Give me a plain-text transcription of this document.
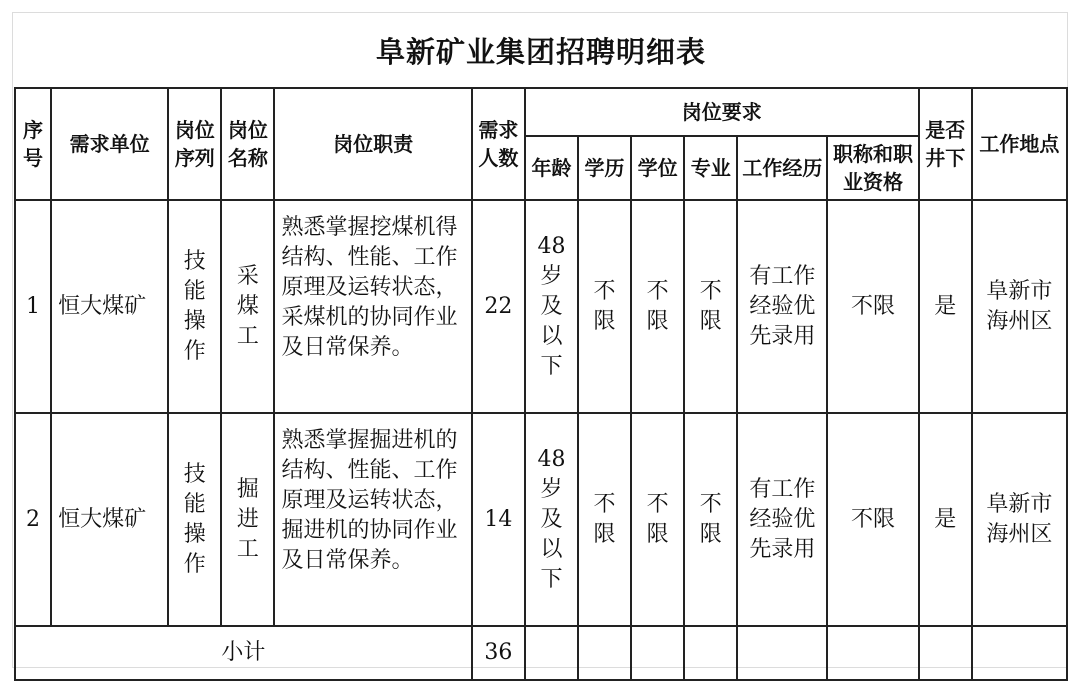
阜新矿业集团招聘明细表
序号	需求单位	岗位序列	岗位名称	岗位职责	需求人数	岗位要求						是否井下	工作地点
						年龄	学历	学位	专业	工作经历	职称和职业资格		
1	恒大煤矿	技能操作	采煤工	熟悉掌握挖煤机得结构、性能、工作原理及运转状态，采煤机的协同作业及日常保养。	22	48岁及以下	不限	不限	不限	有工作经验优先录用	不限	是	阜新市海州区
2	恒大煤矿	技能操作	掘进工	熟悉掌握掘进机的结构、性能、工作原理及运转状态，掘进机的协同作业及日常保养。	14	48岁及以下	不限	不限	不限	有工作经验优先录用	不限	是	阜新市海州区
小计					36								
